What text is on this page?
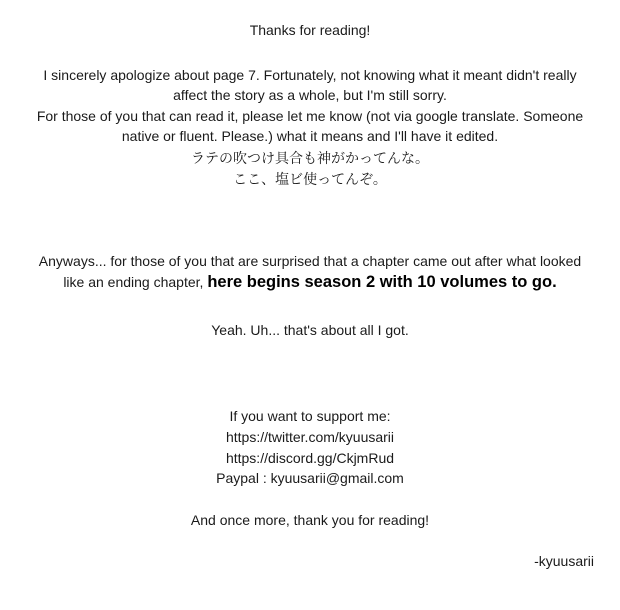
Thanks for reading!
I sincerely apologize about page 7. Fortunately, not knowing what it meant didn't really
affect the story as a whole, but I'm still sorry.
For those of you that can read it, please let me know (not via google translate. Someone
native or fluent. Please.) what it means and I'll have it edited.
ラテの吹つけ具合も神がかってんな。
ここ、塩ビ使ってんぞ。
Anyways... for those of you that are surprised that a chapter came out after what looked
like an ending chapter, here begins season 2 with 10 volumes to go.
Yeah. Uh... that's about all I got.
If you want to support me:
https://twitter.com/kyuusarii
https://discord.gg/CkjmRud
Paypal : kyuusarii@gmail.com
And once more, thank you for reading!
-kyuusarii
